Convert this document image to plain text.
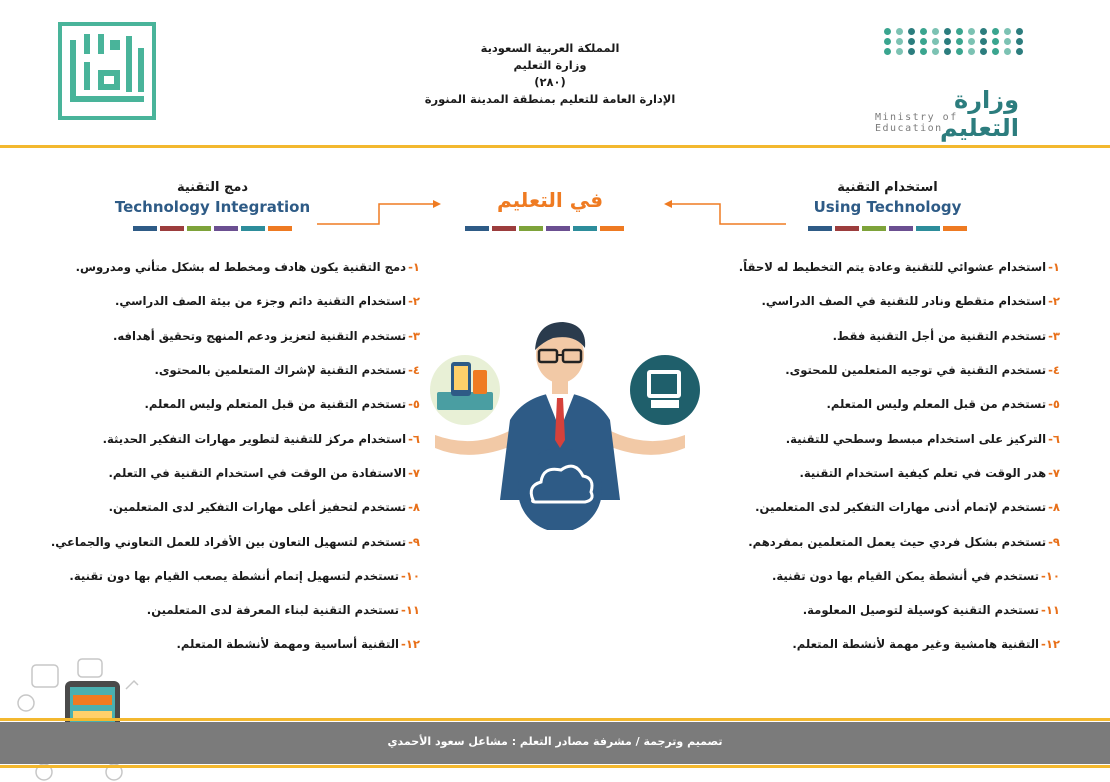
المملكة العربية السعودية
وزارة التعليم
(٢٨٠)
الإدارة العامة للتعليم بمنطقة المدينة المنورة	وزارة التعليم
Ministry of Education
دمج التقنية
Technology Integration
استخدام التقنية
Using Technology
في التعليم
١-
دمج التقنية يكون هادف ومخطط له بشكل متأني ومدروس.
٢-
استخدام التقنية دائم وجزء من بيئة الصف الدراسي.
٣-
تستخدم التقنية لتعزيز ودعم المنهج وتحقيق أهدافه.
٤-
تستخدم التقنية لإشراك المتعلمين بالمحتوى.
٥-
تستخدم التقنية من قبل المتعلم وليس المعلم.
٦-
استخدام مركز للتقنية لتطوير مهارات التفكير الحديثة.
٧-
الاستفادة من الوقت في استخدام التقنية في التعلم.
٨-
تستخدم لتحفيز أعلى مهارات التفكير لدى المتعلمين.
٩-
تستخدم لتسهيل التعاون بين الأفراد للعمل التعاوني والجماعي.
١٠-
تستخدم لتسهيل إتمام أنشطة يصعب القيام بها دون تقنية.
١١-
تستخدم التقنية لبناء المعرفة لدى المتعلمين.
١٢-
التقنية أساسية ومهمة لأنشطة المتعلم.
١-
استخدام عشوائي للتقنية وعادة يتم التخطيط له لاحقاً.
٢-
استخدام متقطع ونادر للتقنية في الصف الدراسي.
٣-
تستخدم التقنية من أجل التقنية فقط.
٤-
تستخدم التقنية في توجيه المتعلمين للمحتوى.
٥-
تستخدم من قبل المعلم وليس المتعلم.
٦-
التركيز على استخدام مبسط وسطحي للتقنية.
٧-
هدر الوقت في تعلم كيفية استخدام التقنية.
٨-
تستخدم لإتمام أدنى مهارات التفكير لدى المتعلمين.
٩-
تستخدم بشكل فردي حيث يعمل المتعلمين بمفردهم.
١٠-
تستخدم في أنشطة يمكن القيام بها دون تقنية.
١١-
تستخدم التقنية كوسيلة لتوصيل المعلومة.
١٢-
التقنية هامشية وغير مهمة لأنشطة المتعلم.
تصميم وترجمة / مشرفة مصادر التعلم : مشاعل سعود الأحمدي
